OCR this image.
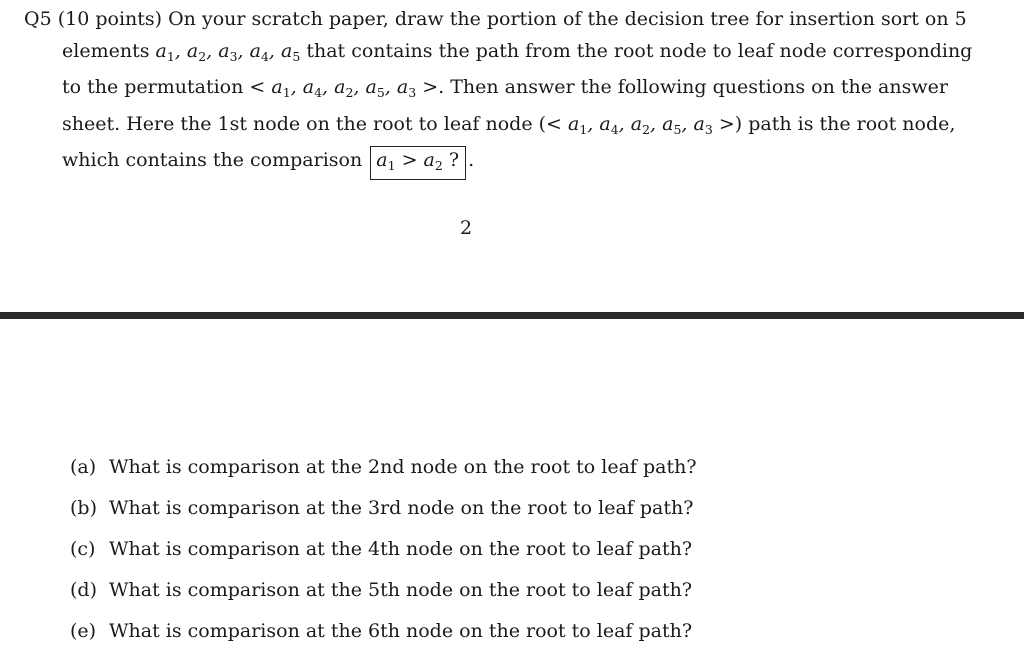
Q5 (10 points) On your scratch paper, draw the portion of the decision tree for insertion sort on 5
elements $a_1$, $a_2$, $a_3$, $a_4$, $a_5$ that contains the path from the root node to leaf node corresponding
to the permutation < $a_1$, $a_4$, $a_2$, $a_5$, $a_3$ >. Then answer the following questions on the answer
sheet. Here the 1st node on the root to leaf node (< $a_1$, $a_4$, $a_2$, $a_5$, $a_3$ >) path is the root node,
which contains the comparison $a_1 > a_2$ ? .
2
(a) What is comparison at the 2nd node on the root to leaf path?
(b) What is comparison at the 3rd node on the root to leaf path?
(c) What is comparison at the 4th node on the root to leaf path?
(d) What is comparison at the 5th node on the root to leaf path?
(e) What is comparison at the 6th node on the root to leaf path?
